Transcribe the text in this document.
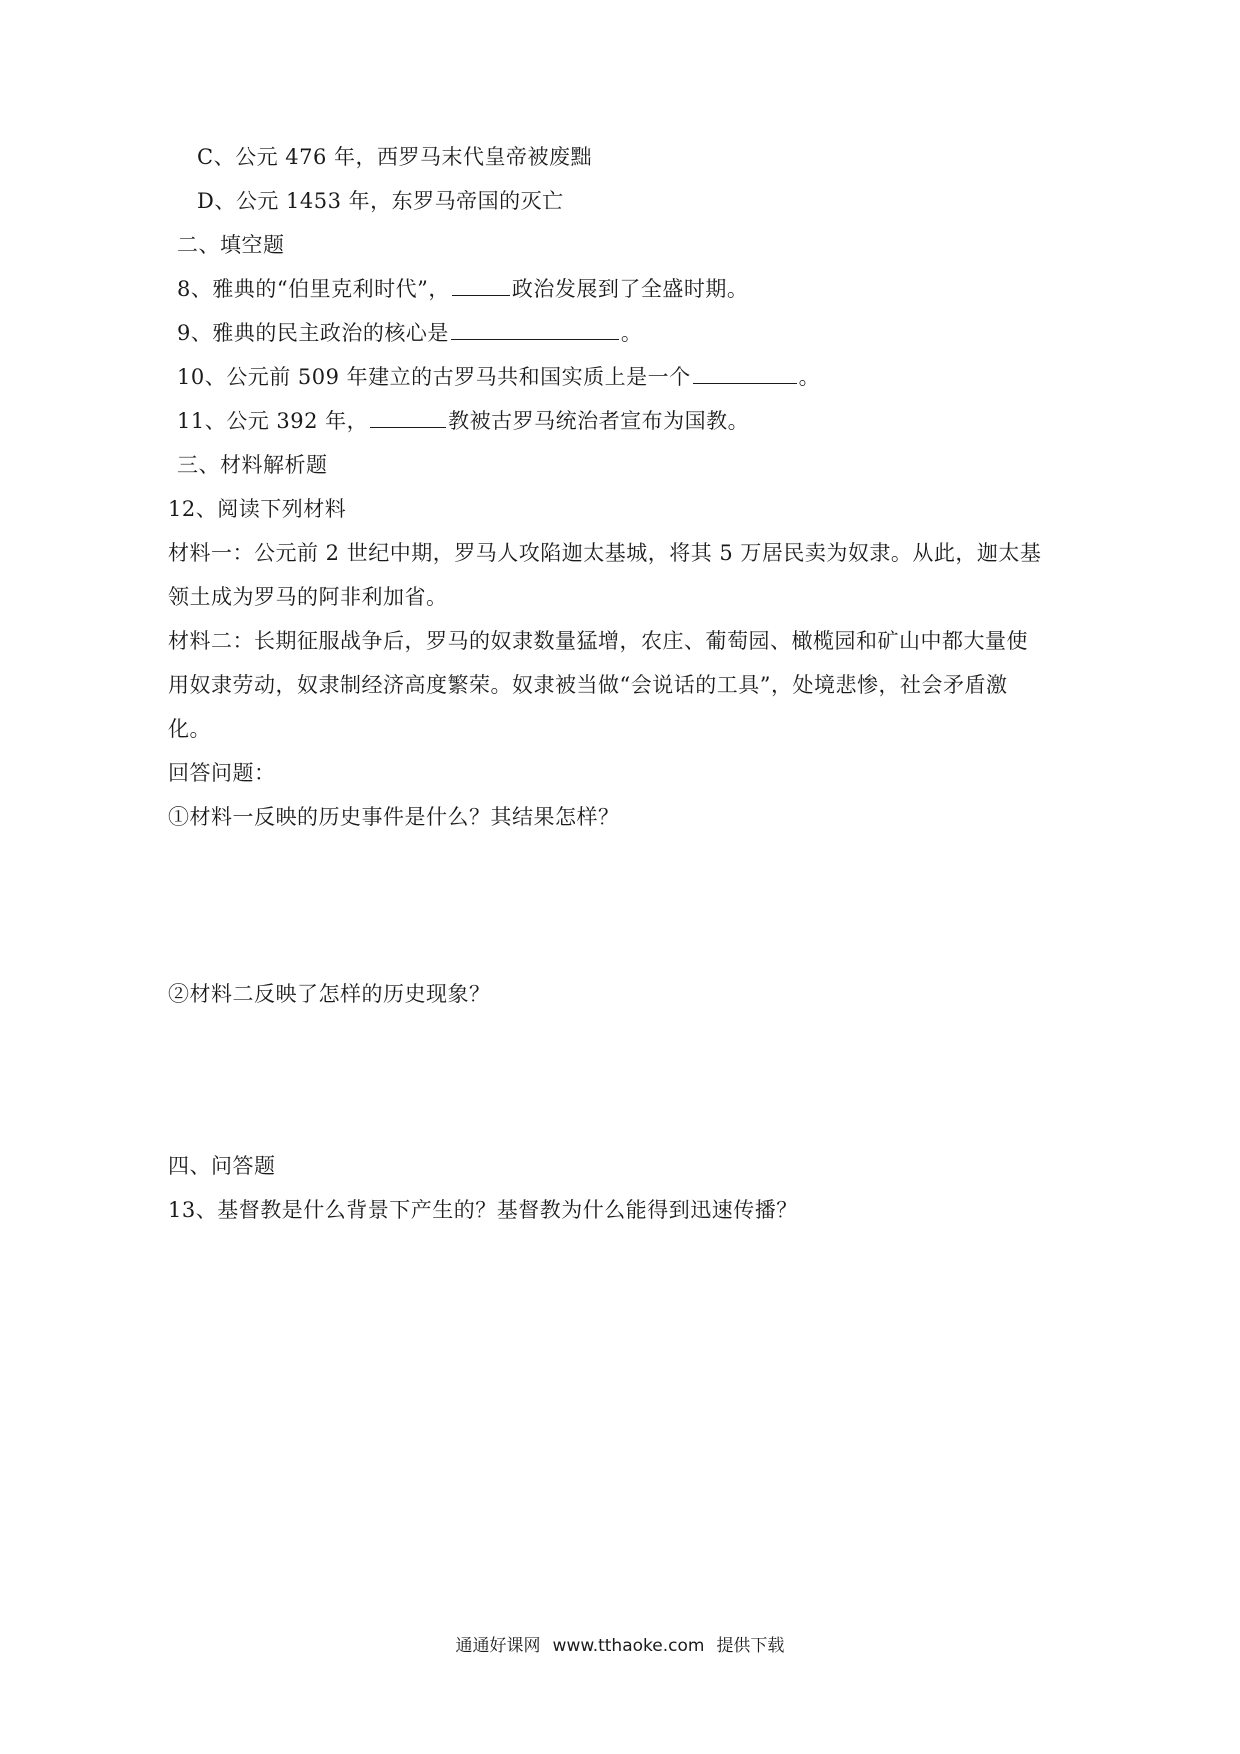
C、公元 476 年，西罗马末代皇帝被废黜
D、公元 1453 年，东罗马帝国的灭亡
二、填空题
8、雅典的“伯里克利时代”，	政治发展到了全盛时期。
9、雅典的民主政治的核心是	。
10、公元前 509 年建立的古罗马共和国实质上是一个	。
11、公元 392 年，	教被古罗马统治者宣布为国教。
三、材料解析题
12、阅读下列材料
材料一：公元前 2 世纪中期，罗马人攻陷迦太基城，将其 5 万居民卖为奴隶。从此，迦太基
领土成为罗马的阿非利加省。
材料二：长期征服战争后，罗马的奴隶数量猛增，农庄、葡萄园、橄榄园和矿山中都大量使
用奴隶劳动，奴隶制经济高度繁荣。奴隶被当做“会说话的工具”，处境悲惨，社会矛盾激
化。
回答问题：
①材料一反映的历史事件是什么？其结果怎样？
②材料二反映了怎样的历史现象？
四、问答题
13、基督教是什么背景下产生的？基督教为什么能得到迅速传播？
通通好课网 www.tthaoke.com 提供下载
